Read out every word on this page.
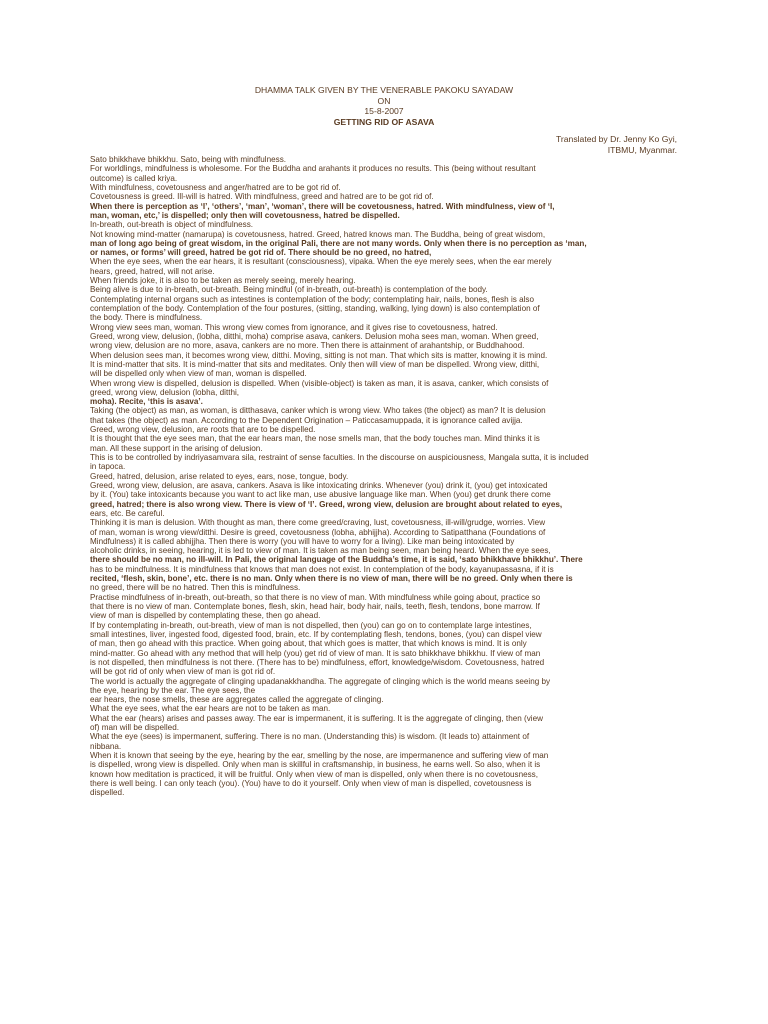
DHAMMA TALK GIVEN BY THE VENERABLE PAKOKU SAYADAW
ON
15-8-2007
GETTING RID OF ASAVA
Translated by Dr. Jenny Ko Gyi,
ITBMU, Myanmar.

Sato bhikkhave bhikkhu. Sato, being with mindfulness.

For worldlings, mindfulness is wholesome. For the Buddha and arahants it produces no results. This (being without resultant

outcome) is called kriya.

With mindfulness, covetousness and anger/hatred are to be got rid of.

Covetousness is greed. Ill-will is hatred. With mindfulness, greed and hatred are to be got rid of.

When there is perception as ‘I’, ‘others’, ‘man’, ‘woman’, there will be covetousness, hatred. With mindfulness, view of ‘I,

man, woman, etc,’ is dispelled; only then will covetousness, hatred be dispelled.

In-breath, out-breath is object of mindfulness.

Not knowing mind-matter (namarupa) is covetousness, hatred. Greed, hatred knows man. The Buddha, being of great wisdom,

man of long ago being of great wisdom, in the original Pali, there are not many words. Only when there is no perception as ‘man,

or names, or forms’ will greed, hatred be got rid of. There should be no greed, no hatred,

When the eye sees, when the ear hears, it is resultant (consciousness), vipaka. When the eye merely sees, when the ear merely

hears, greed, hatred, will not arise.

When friends joke, it is also to be taken as merely seeing, merely hearing.

Being alive is due to in-breath, out-breath. Being mindful (of in-breath, out-breath) is contemplation of the body.

Contemplating internal organs such as intestines is contemplation of the body; contemplating hair, nails, bones, flesh is also

contemplation of the body. Contemplation of the four postures, (sitting, standing, walking, lying down) is also contemplation of

the body. There is mindfulness.

Wrong view sees man, woman. This wrong view comes from ignorance, and it gives rise to covetousness, hatred.

Greed, wrong view, delusion, (lobha, ditthi, moha) comprise asava, cankers. Delusion moha sees man, woman. When greed,

wrong view, delusion are no more, asava, cankers are no more. Then there is attainment of arahantship, or Buddhahood.

When delusion sees man, it becomes wrong view, ditthi. Moving, sitting is not man. That which sits is matter, knowing it is mind.

It is mind-matter that sits. It is mind-matter that sits and meditates. Only then will view of man be dispelled. Wrong view, ditthi,

will be dispelled only when view of man, woman is dispelled.

When wrong view is dispelled, delusion is dispelled. When (visible-object) is taken as man, it is asava, canker, which consists of

greed, wrong view, delusion (lobha, ditthi,

moha). Recite, ‘this is asava’.

Taking (the object) as man, as woman, is ditthasava, canker which is wrong view. Who takes (the object) as man? It is delusion

that takes (the object) as man. According to the Dependent Origination – Paticcasamuppada, it is ignorance called avijja.

Greed, wrong view, delusion, are roots that are to be dispelled.

It is thought that the eye sees man, that the ear hears man, the nose smells man, that the body touches man. Mind thinks it is

man. All these support in the arising of delusion.

This is to be controlled by indriyasamvara sila, restraint of sense faculties. In the discourse on auspiciousness, Mangala sutta, it is included

in tapoca.

Greed, hatred, delusion, arise related to eyes, ears, nose, tongue, body.

Greed, wrong view, delusion, are asava, cankers. Asava is like intoxicating drinks. Whenever (you) drink it, (you) get intoxicated

by it. (You) take intoxicants because you want to act like man, use abusive language like man. When (you) get drunk there come

greed, hatred; there is also wrong view. There is view of ‘I’. Greed, wrong view, delusion are brought about related to eyes,

ears, etc. Be careful.

Thinking it is man is delusion. With thought as man, there come greed/craving, lust, covetousness, ill-will/grudge, worries. View

of man, woman is wrong view/ditthi. Desire is greed, covetousness (lobha, abhijjha). According to Satipatthana (Foundations of

Mindfulness) it is called abhijjha. Then there is worry (you will have to worry for a living). Like man being intoxicated by

alcoholic drinks, in seeing, hearing, it is led to view of man. It is taken as man being seen, man being heard. When the eye sees,

there should be no man, no ill-will. In Pali, the original language of the Buddha’s time, it is said, ‘sato bhikkhave bhikkhu’. There

has to be mindfulness. It is mindfulness that knows that man does not exist. In contemplation of the body, kayanupassasna, if it is

recited, ‘flesh, skin, bone’, etc. there is no man. Only when there is no view of man, there will be no greed. Only when there is

no greed, there will be no hatred. Then this is mindfulness.

Practise mindfulness of in-breath, out-breath, so that there is no view of man. With mindfulness while going about, practice so

that there is no view of man. Contemplate bones, flesh, skin, head hair, body hair, nails, teeth, flesh, tendons, bone marrow. If

view of man is dispelled by contemplating these, then go ahead.

If by contemplating in-breath, out-breath, view of man is not dispelled, then (you) can go on to contemplate large intestines,

small intestines, liver, ingested food, digested food, brain, etc. If by contemplating flesh, tendons, bones, (you) can dispel view

of man, then go ahead with this practice. When going about, that which goes is matter, that which knows is mind. It is only

mind-matter. Go ahead with any method that will help (you) get rid of view of man. It is sato bhikkhave bhikkhu. If view of man

is not dispelled, then mindfulness is not there. (There has to be) mindfulness, effort, knowledge/wisdom. Covetousness, hatred

will be got rid of only when view of man is got rid of.

The world is actually the aggregate of clinging upadanakkhandha. The aggregate of clinging which is the world means seeing by

the eye, hearing by the ear. The eye sees, the

ear hears, the nose smells, these are aggregates called the aggregate of clinging.

What the eye sees, what the ear hears are not to be taken as man.

What the ear (hears) arises and passes away. The ear is impermanent, it is suffering. It is the aggregate of clinging, then (view

of) man will be dispelled.

What the eye (sees) is impermanent, suffering. There is no man. (Understanding this) is wisdom. (It leads to) attainment of

nibbana.

When it is known that seeing by the eye, hearing by the ear, smelling by the nose, are impermanence and suffering view of man

is dispelled, wrong view is dispelled. Only when man is skillful in craftsmanship, in business, he earns well. So also, when it is

known how meditation is practiced, it will be fruitful. Only when view of man is dispelled, only when there is no covetousness,

there is well being. I can only teach (you). (You) have to do it yourself. Only when view of man is dispelled, covetousness is

dispelled.
